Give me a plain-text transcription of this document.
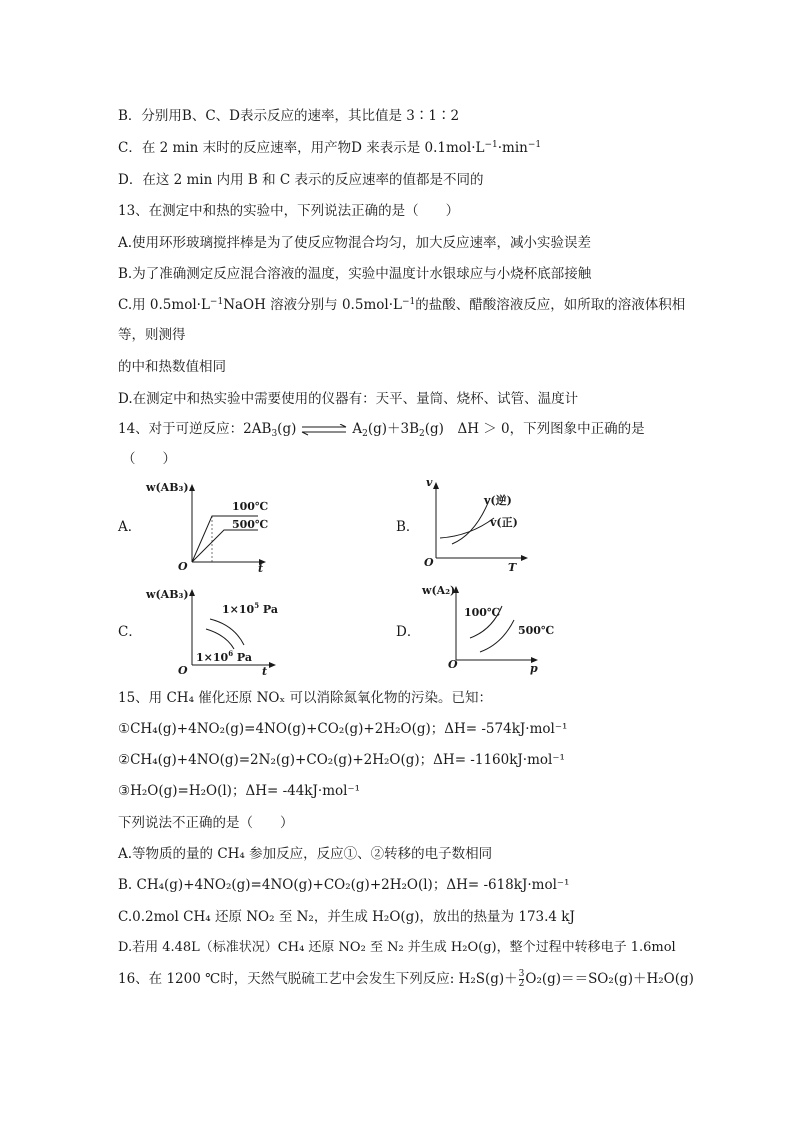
B．分别用B、C、D表示反应的速率，其比值是 3∶1∶2
C．在 2 min 末时的反应速率，用产物D 来表示是 $0.1mol\cdot L^{-1}\cdot\min^{-1}$
D．在这 2 min 内用 B 和 C 表示的反应速率的值都是不同的
13、在测定中和热的实验中，下列说法正确的是（　　）
A.使用环形玻璃搅拌棒是为了使反应物混合均匀，加大反应速率，减小实验误差
B.为了准确测定反应混合溶液的温度，实验中温度计水银球应与小烧杯底部接触
C.用 $0.5mol\cdot L^{-1}NaOH$ 溶液分别与 $0.5mol\cdot L^{-1}$的盐酸、醋酸溶液反应，如所取的溶液体积相
等，则测得
的中和热数值相同
D.在测定中和热实验中需要使用的仪器有：天平、量筒、烧杯、试管、温度计
14、对于可逆反应：$2AB_3(g)$ ⇌ $A_2(g)+3B_2(g)$　ΔH ＞ 0，下列图象中正确的是
（　　）
A．	B．
C．	D．
w(AB₃)
O	t
100℃
500℃
v
O	T
v(逆)
v(正)
w(AB₃)
O	t
$1\times 10^5$ Pa
$1\times 10^6$ Pa
w(A₂)
O	p
100℃
500℃
15、用 CH₄ 催化还原 NOₓ 可以消除氮氧化物的污染。已知：
①CH₄(g)+4NO₂(g)=4NO(g)+CO₂(g)+2H₂O(g)；ΔH= -574kJ·mol⁻¹
②CH₄(g)+4NO(g)=2N₂(g)+CO₂(g)+2H₂O(g)；ΔH= -1160kJ·mol⁻¹
③H₂O(g)=H₂O(l)；ΔH= -44kJ·mol⁻¹
下列说法不正确的是（　　）
A.等物质的量的 CH₄ 参加反应，反应①、②转移的电子数相同
B. CH₄(g)+4NO₂(g)=4NO(g)+CO₂(g)+2H₂O(l)；ΔH= -618kJ·mol⁻¹
C.0.2mol CH₄ 还原 NO₂ 至 N₂，并生成 H₂O(g)，放出的热量为 173.4 kJ
D.若用 4.48L（标准状况）CH₄ 还原 NO₂ 至 N₂ 并生成 H₂O(g)，整个过程中转移电子 1.6mol
16、在 1200 ℃时，天然气脱硫工艺中会发生下列反应: $H_2S(g)+ \frac{3}{2} O_2(g)==SO_2(g)+H_2O(g)$
